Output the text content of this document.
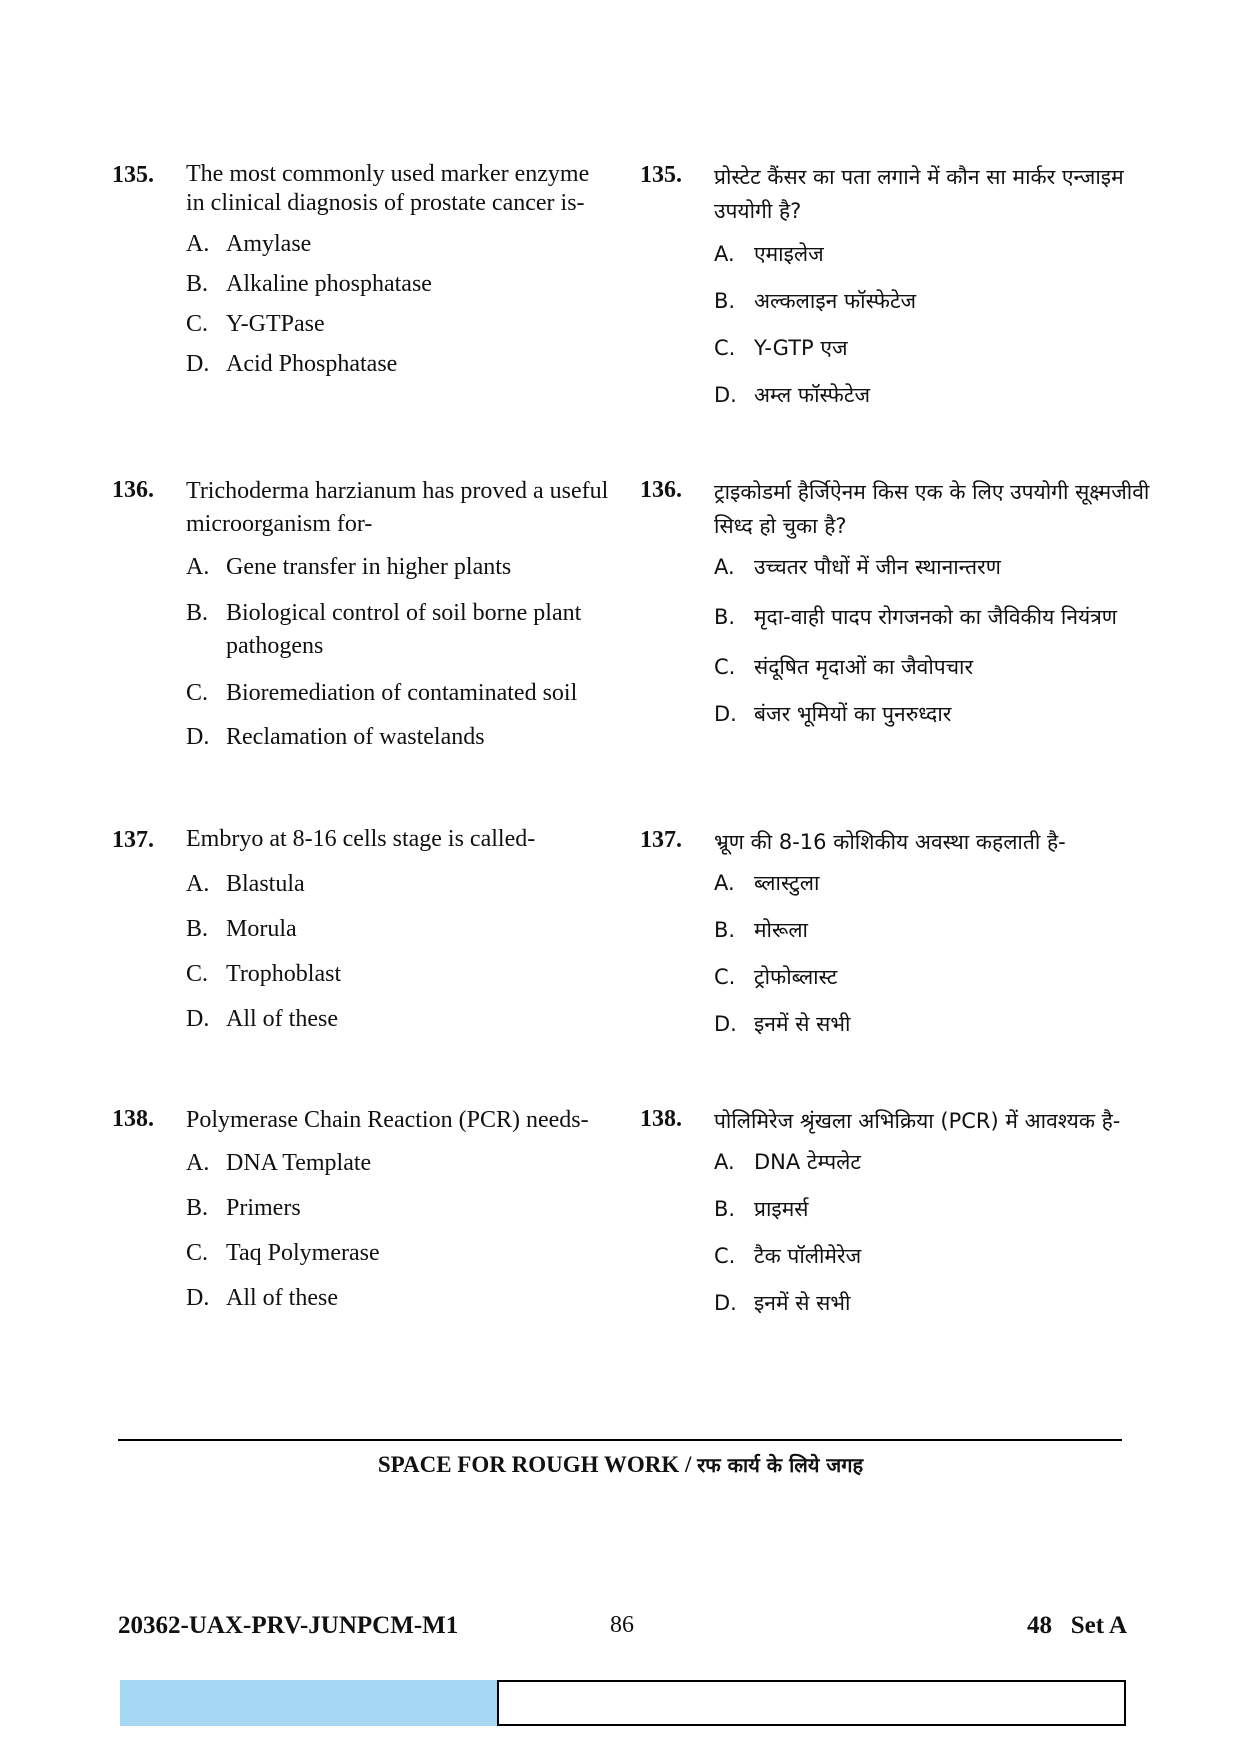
135. The most commonly used marker enzyme in clinical diagnosis of prostate cancer is-
A. Amylase
B. Alkaline phosphatase
C. Y-GTPase
D. Acid Phosphatase
136. Trichoderma harzianum has proved a useful microorganism for-
A. Gene transfer in higher plants
B. Biological control of soil borne plant pathogens
C. Bioremediation of contaminated soil
D. Reclamation of wastelands
137. Embryo at 8-16 cells stage is called-
A. Blastula
B. Morula
C. Trophoblast
D. All of these
138. Polymerase Chain Reaction (PCR) needs-
A. DNA Template
B. Primers
C. Taq Polymerase
D. All of these
135. प्रोस्टेट कैंसर का पता लगाने में कौन सा मार्कर एन्जाइम उपयोगी है?
A. एमाइलेज
B. अल्कलाइन फॉस्फेटेज
C. Y-GTP एज
D. अम्ल फॉस्फेटेज
136. ट्राइकोडर्मा हैर्जिऐनम किस एक के लिए उपयोगी सूक्ष्मजीवी सिध्द हो चुका है?
A. उच्चतर पौधों में जीन स्थानान्तरण
B. मृदा-वाही पादप रोगजनको का जैविकीय नियंत्रण
C. संदूषित मृदाओं का जैवोपचार
D. बंजर भूमियों का पुनरुध्दार
137. भ्रूण की 8-16 कोशिकीय अवस्था कहलाती है-
A. ब्लास्टुला
B. मोरूला
C. ट्रोफोब्लास्ट
D. इनमें से सभी
138. पोलिमिरेज श्रृंखला अभिक्रिया (PCR) में आवश्यक है-
A. DNA टेम्पलेट
B. प्राइमर्स
C. टैक पॉलीमेरेज
D. इनमें से सभी
SPACE FOR ROUGH WORK / रफ कार्य के लिये जगह
20362-UAX-PRV-JUNPCM-M1	86	48   Set A
